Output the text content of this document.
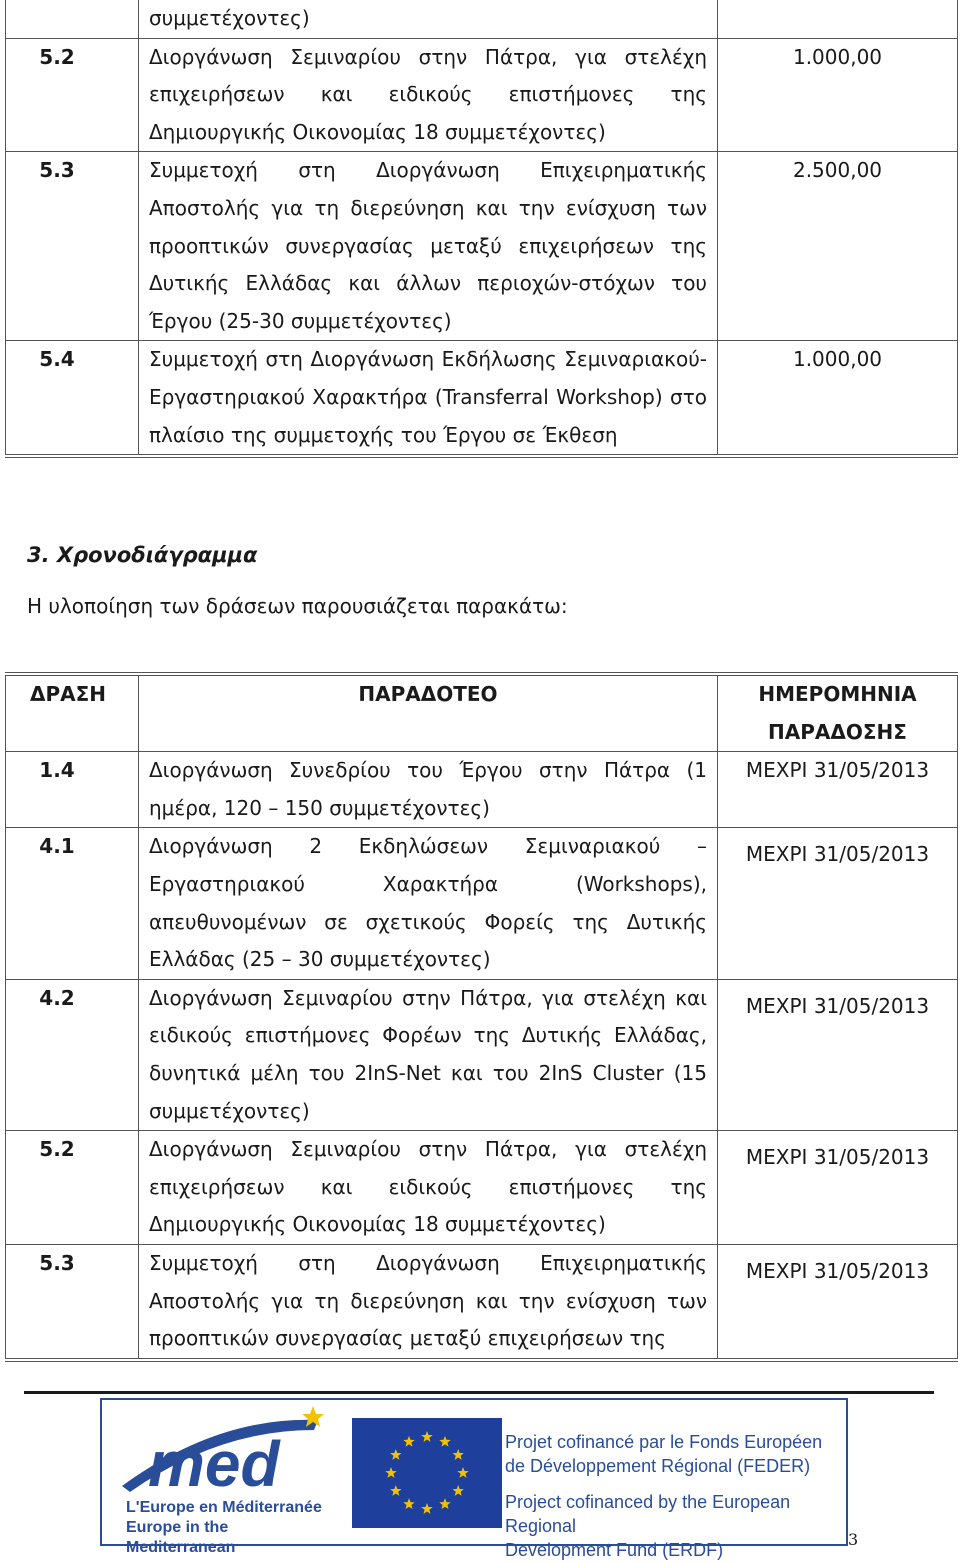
	συμμετέχοντες)	
5.2	Διοργάνωση Σεμιναρίου στην Πάτρα, για στελέχη επιχειρήσεων και ειδικούς επιστήμονες της Δημιουργικής Οικονομίας 18 συμμετέχοντες)	1.000,00
5.3	Συμμετοχή στη Διοργάνωση Επιχειρηματικής Αποστολής για τη διερεύνηση και την ενίσχυση των προοπτικών συνεργασίας μεταξύ επιχειρήσεων της Δυτικής Ελλάδας και άλλων περιοχών-στόχων του Έργου (25-30 συμμετέχοντες)	2.500,00
5.4	Συμμετοχή στη Διοργάνωση Εκδήλωσης Σεμιναριακού-Εργαστηριακού Χαρακτήρα (Transferral Workshop) στο πλαίσιο της συμμετοχής του Έργου σε Έκθεση	1.000,00
3. Χρονοδιάγραμμα
Η υλοποίηση των δράσεων παρουσιάζεται παρακάτω:
ΔΡΑΣΗ	ΠΑΡΑΔΟΤΕΟ	ΗΜΕΡΟΜΗΝΙΑ
ΠΑΡΑΔΟΣΗΣ

1.4	Διοργάνωση Συνεδρίου του Έργου στην Πάτρα (1 ημέρα, 120 – 150 συμμετέχοντες)	ΜΕΧΡΙ 31/05/2013

4.1	Διοργάνωση 2 Εκδηλώσεων Σεμιναριακού – Εργαστηριακού Χαρακτήρα (Workshops), απευθυνομένων σε σχετικούς Φορείς της Δυτικής Ελλάδας (25 – 30 συμμετέχοντες)	ΜΕΧΡΙ 31/05/2013

4.2	Διοργάνωση Σεμιναρίου στην Πάτρα, για στελέχη και ειδικούς επιστήμονες Φορέων της Δυτικής Ελλάδας, δυνητικά μέλη του 2InS-Net και του 2InS Cluster (15 συμμετέχοντες)	ΜΕΧΡΙ 31/05/2013

5.2	Διοργάνωση Σεμιναρίου στην Πάτρα, για στελέχη επιχειρήσεων και ειδικούς επιστήμονες της Δημιουργικής Οικονομίας 18 συμμετέχοντες)	ΜΕΧΡΙ 31/05/2013

5.3	Συμμετοχή στη Διοργάνωση Επιχειρηματικής Αποστολής για τη διερεύνηση και την ενίσχυση των προοπτικών συνεργασίας μεταξύ επιχειρήσεων της	ΜΕΧΡΙ 31/05/2013
med
L'Europe en Méditerranée
Europe in the Mediterranean
Projet cofinancé par le Fonds Européen
de Développement Régional (FEDER)
Project cofinanced by the European Regional
Development Fund (ERDF)
3
